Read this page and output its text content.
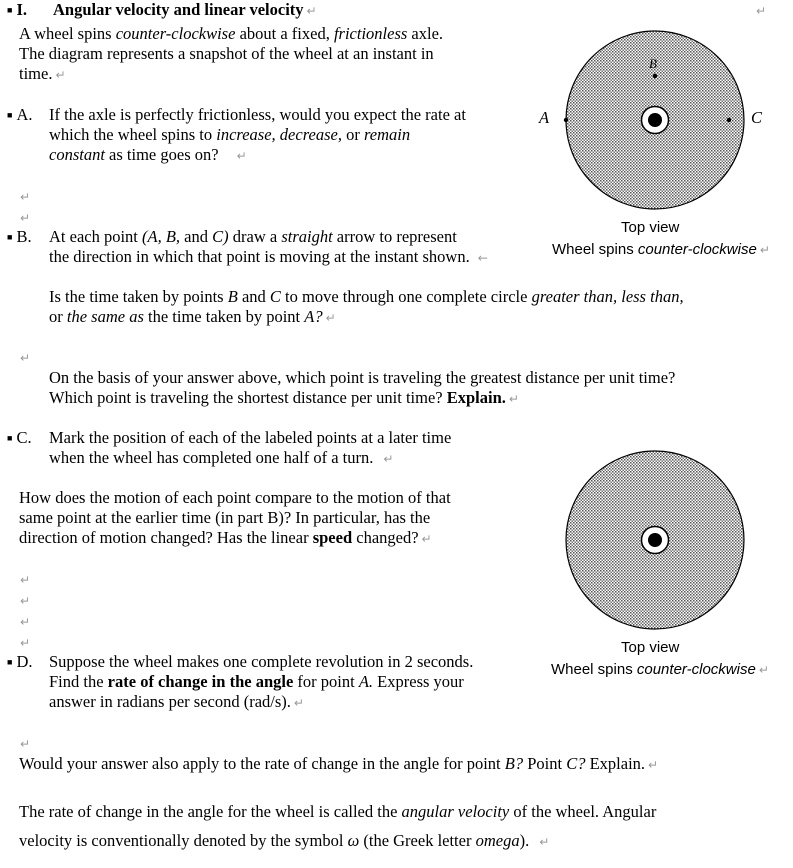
B
A	C
Top view
Wheel spins counter-clockwise ↵
Top view
Wheel spins counter-clockwise ↵
↵
■ I. Angular velocity and linear velocity ↵
A wheel spins counter-clockwise about a fixed, frictionless axle.
The diagram represents a snapshot of the wheel at an instant in
time. ↵
■ A. If the axle is perfectly frictionless, would you expect the rate at
which the wheel spins to increase, decrease, or remain
constant as time goes on? ↵
↵
↵
■ B. At each point (A, B, and C) draw a straight arrow to represent
the direction in which that point is moving at the instant shown. ←
Is the time taken by points B and C to move through one complete circle greater than, less than,
or the same as the time taken by point A? ↵
↵
On the basis of your answer above, which point is traveling the greatest distance per unit time?
Which point is traveling the shortest distance per unit time? Explain. ↵
■ C. Mark the position of each of the labeled points at a later time
when the wheel has completed one half of a turn. ↵
How does the motion of each point compare to the motion of that
same point at the earlier time (in part B)? In particular, has the
direction of motion changed? Has the linear speed changed? ↵
↵
↵
↵
↵
■ D. Suppose the wheel makes one complete revolution in 2 seconds.
Find the rate of change in the angle for point A. Express your
answer in radians per second (rad/s). ↵
↵
Would your answer also apply to the rate of change in the angle for point B? Point C? Explain. ↵
The rate of change in the angle for the wheel is called the angular velocity of the wheel. Angular
velocity is conventionally denoted by the symbol ω (the Greek letter omega). ↵
